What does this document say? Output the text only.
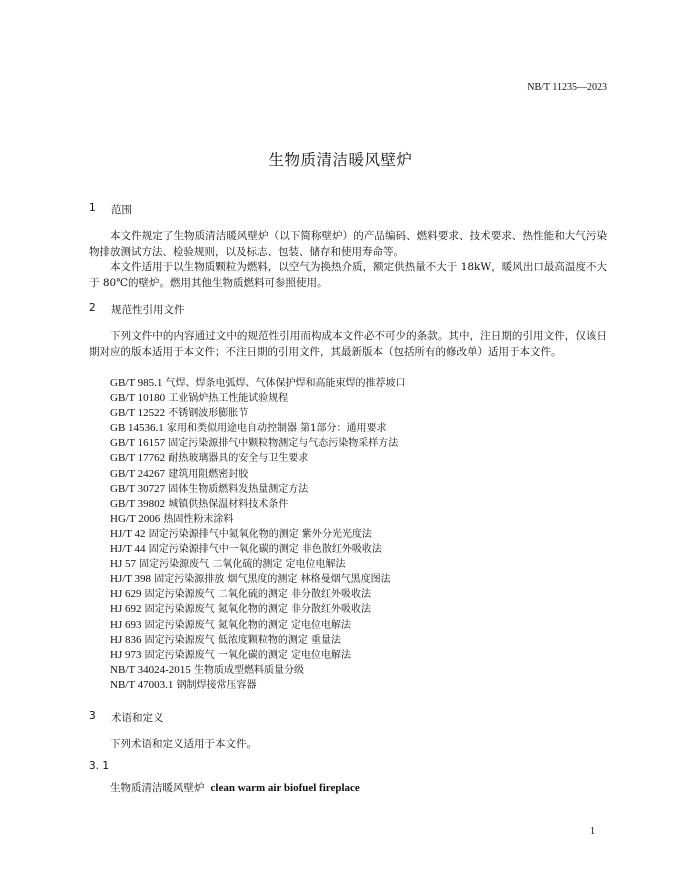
NB/T 11235—2023
生物质清洁暖风壁炉
1 范围
本文件规定了生物质清洁暖风壁炉（以下简称壁炉）的产品编码、燃料要求、技术要求、热性能和大气污染物排放测试方法、检验规则，以及标志、包装、储存和使用寿命等。
本文件适用于以生物质颗粒为燃料，以空气为换热介质，额定供热量不大于 18kW，暖风出口最高温度不大于 80℃的壁炉。燃用其他生物质燃料可参照使用。
2 规范性引用文件
下列文件中的内容通过文中的规范性引用而构成本文件必不可少的条款。其中，注日期的引用文件，仅该日期对应的版本适用于本文件；不注日期的引用文件，其最新版本（包括所有的修改单）适用于本文件。
GB/T 985.1 气焊、焊条电弧焊、气体保护焊和高能束焊的推荐坡口
GB/T 10180 工业锅炉热工性能试验规程
GB/T 12522 不锈钢波形膨胀节
GB 14536.1 家用和类似用途电自动控制器 第1部分：通用要求
GB/T 16157 固定污染源排气中颗粒物测定与气态污染物采样方法
GB/T 17762 耐热玻璃器具的安全与卫生要求
GB/T 24267 建筑用阻燃密封胶
GB/T 30727 固体生物质燃料发热量测定方法
GB/T 39802 城镇供热保温材料技术条件
HG/T 2006 热固性粉末涂料
HJ/T 42 固定污染源排气中氮氧化物的测定 紫外分光光度法
HJ/T 44 固定污染源排气中一氧化碳的测定 非色散红外吸收法
HJ 57 固定污染源废气 二氧化硫的测定 定电位电解法
HJ/T 398 固定污染源排放 烟气黑度的测定 林格曼烟气黑度图法
HJ 629 固定污染源废气 二氧化硫的测定 非分散红外吸收法
HJ 692 固定污染源废气 氮氧化物的测定 非分散红外吸收法
HJ 693 固定污染源废气 氮氧化物的测定 定电位电解法
HJ 836 固定污染源废气 低浓度颗粒物的测定 重量法
HJ 973 固定污染源废气 一氧化碳的测定 定电位电解法
NB/T 34024-2015 生物质成型燃料质量分级
NB/T 47003.1 钢制焊接常压容器
3 术语和定义
下列术语和定义适用于本文件。
3. 1
生物质清洁暖风壁炉 clean warm air biofuel fireplace
1
